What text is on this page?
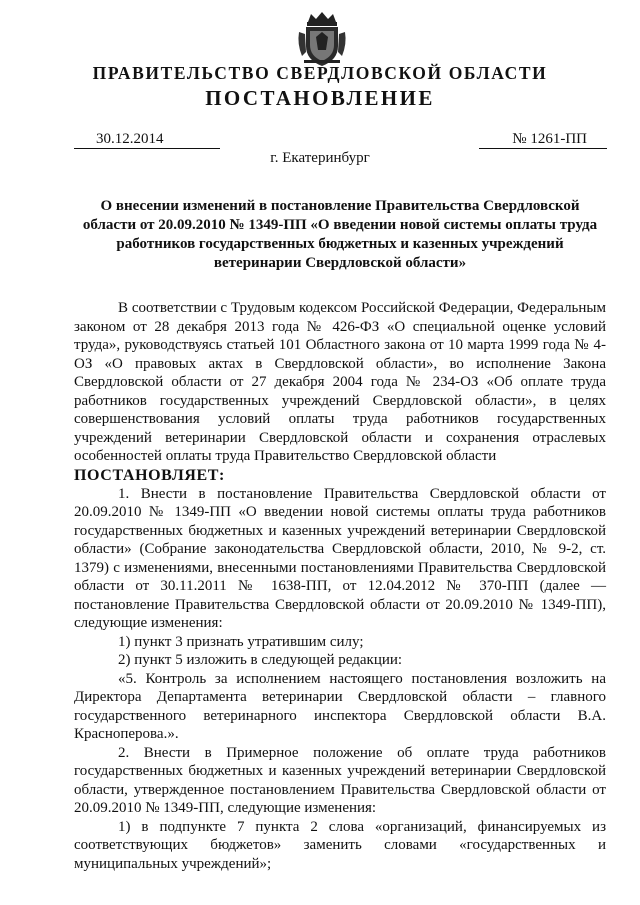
ПРАВИТЕЛЬСТВО СВЕРДЛОВСКОЙ ОБЛАСТИ
ПОСТАНОВЛЕНИЕ
30.12.2014	№ 1261-ПП
г. Екатеринбург
О внесении изменений в постановление Правительства Свердловской области от 20.09.2010 № 1349-ПП «О введении новой системы оплаты труда работников государственных бюджетных и казенных учреждений ветеринарии Свердловской области»

В соответствии с Трудовым кодексом Российской Федерации, Федеральным законом от 28 декабря 2013 года № 426-ФЗ «О специальной оценке условий труда», руководствуясь статьей 101 Областного закона от 10 марта 1999 года № 4-ОЗ «О правовых актах в Свердловской области», во исполнение Закона Свердловской области от 27 декабря 2004 года № 234-ОЗ «Об оплате труда работников государственных учреждений Свердловской области», в целях совершенствования условий оплаты труда работников государственных учреждений ветеринарии Свердловской области и сохранения отраслевых особенностей оплаты труда Правительство Свердловской области

ПОСТАНОВЛЯЕТ:

1. Внести в постановление Правительства Свердловской области от 20.09.2010 № 1349-ПП «О введении новой системы оплаты труда работников государственных бюджетных и казенных учреждений ветеринарии Свердловской области» (Собрание законодательства Свердловской области, 2010, № 9-2, ст. 1379) с изменениями, внесенными постановлениями Правительства Свердловской области от 30.11.2011 № 1638-ПП, от 12.04.2012 № 370-ПП (далее — постановление Правительства Свердловской области от 20.09.2010 № 1349-ПП), следующие изменения:

1) пункт 3 признать утратившим силу;

2) пункт 5 изложить в следующей редакции:

«5. Контроль за исполнением настоящего постановления возложить на Директора Департамента ветеринарии Свердловской области – главного государственного ветеринарного инспектора Свердловской области В.А. Красноперова.».

2. Внести в Примерное положение об оплате труда работников государственных бюджетных и казенных учреждений ветеринарии Свердловской области, утвержденное постановлением Правительства Свердловской области от 20.09.2010 № 1349-ПП, следующие изменения:

1) в подпункте 7 пункта 2 слова «организаций, финансируемых из соответствующих бюджетов» заменить словами «государственных и муниципальных учреждений»;
